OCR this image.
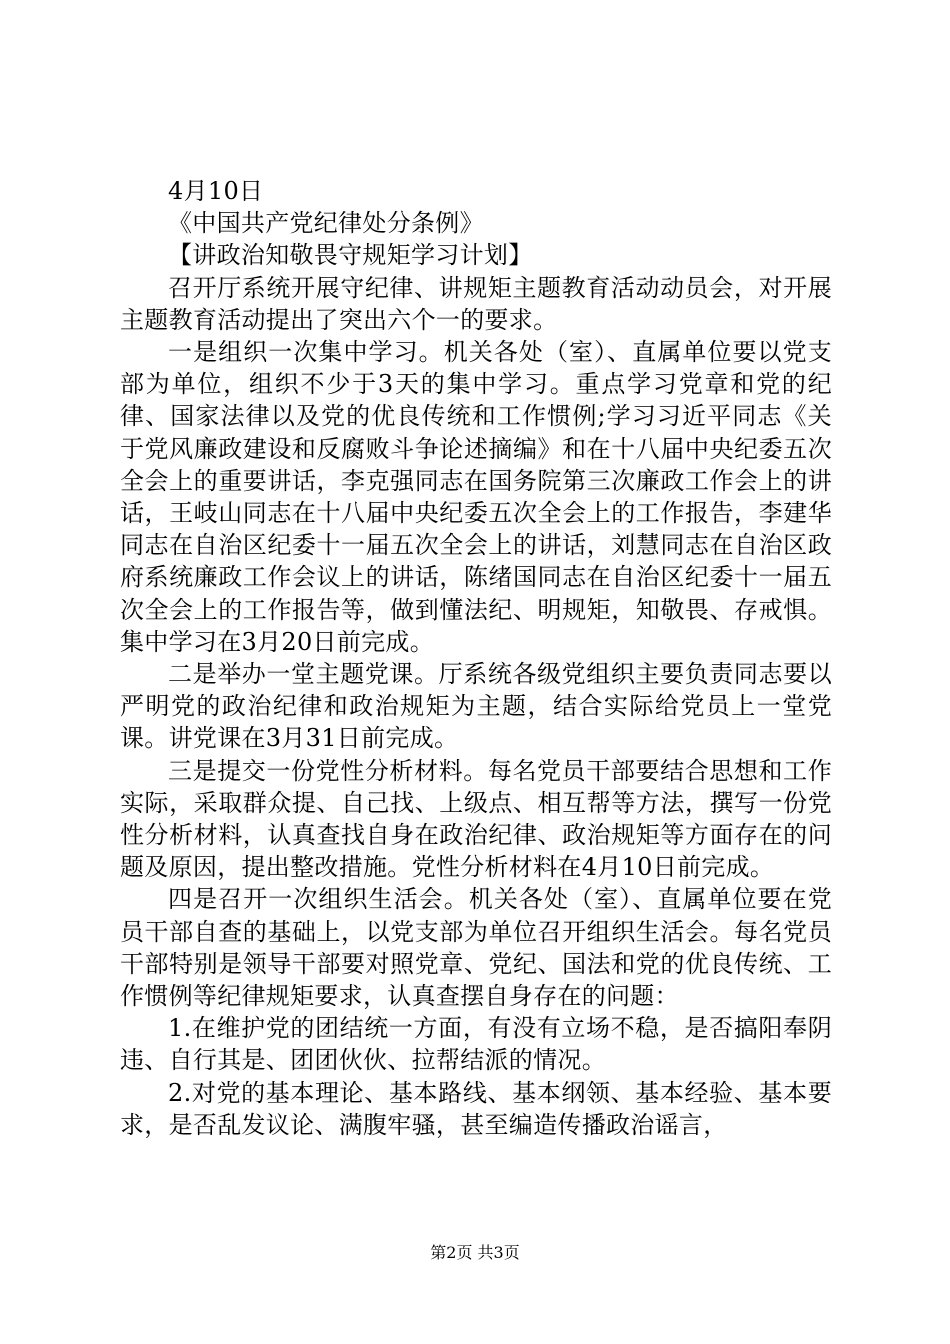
4月10日

《中国共产党纪律处分条例》

【讲政治知敬畏守规矩学习计划】

召开厅系统开展守纪律、讲规矩主题教育活动动员会，对开展主题教育活动提出了突出六个一的要求。

一是组织一次集中学习。机关各处（室）、直属单位要以党支部为单位，组织不少于3天的集中学习。重点学习党章和党的纪律、国家法律以及党的优良传统和工作惯例;学习习近平同志《关于党风廉政建设和反腐败斗争论述摘编》和在十八届中央纪委五次全会上的重要讲话，李克强同志在国务院第三次廉政工作会上的讲话，王岐山同志在十八届中央纪委五次全会上的工作报告，李建华同志在自治区纪委十一届五次全会上的讲话，刘慧同志在自治区政府系统廉政工作会议上的讲话，陈绪国同志在自治区纪委十一届五次全会上的工作报告等，做到懂法纪、明规矩，知敬畏、存戒惧。集中学习在3月20日前完成。

二是举办一堂主题党课。厅系统各级党组织主要负责同志要以严明党的政治纪律和政治规矩为主题，结合实际给党员上一堂党课。讲党课在3月31日前完成。

三是提交一份党性分析材料。每名党员干部要结合思想和工作实际，采取群众提、自己找、上级点、相互帮等方法，撰写一份党性分析材料，认真查找自身在政治纪律、政治规矩等方面存在的问题及原因，提出整改措施。党性分析材料在4月10日前完成。

四是召开一次组织生活会。机关各处（室）、直属单位要在党员干部自查的基础上，以党支部为单位召开组织生活会。每名党员干部特别是领导干部要对照党章、党纪、国法和党的优良传统、工作惯例等纪律规矩要求，认真查摆自身存在的问题：

1.在维护党的团结统一方面，有没有立场不稳，是否搞阳奉阴违、自行其是、团团伙伙、拉帮结派的情况。

2.对党的基本理论、基本路线、基本纲领、基本经验、基本要求，是否乱发议论、满腹牢骚，甚至编造传播政治谣言，

第2页 共3页
